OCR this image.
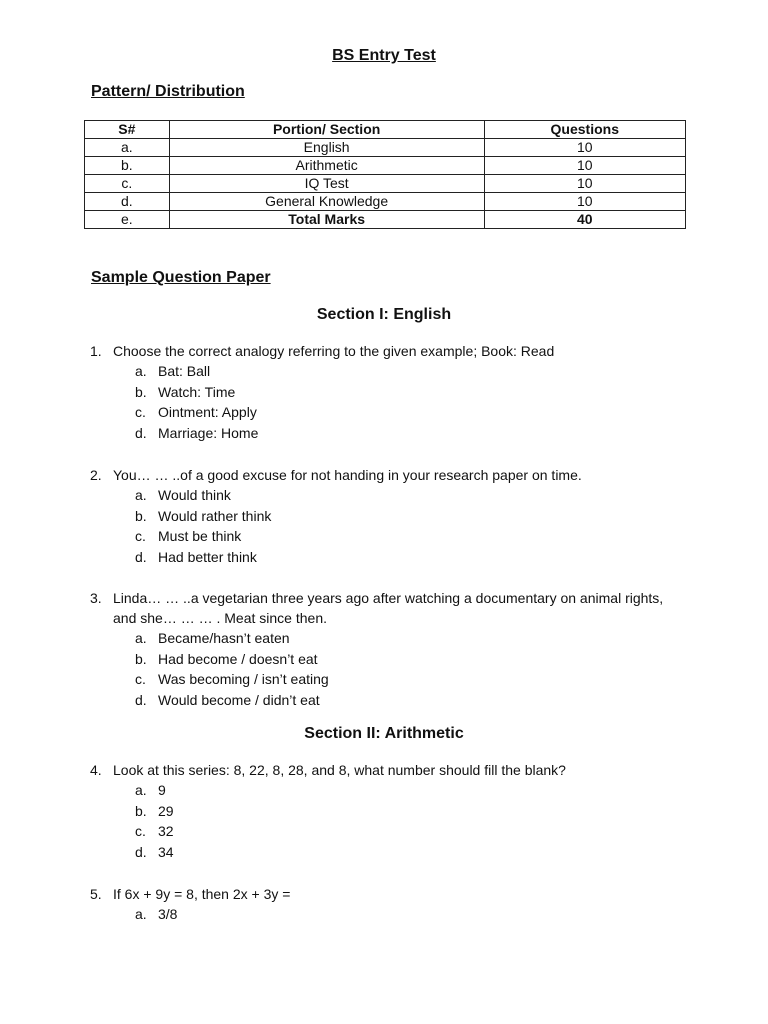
BS Entry Test
Pattern/ Distribution
S#	Portion/ Section	Questions
a.	English	10
b.	Arithmetic	10
c.	IQ Test	10
d.	General Knowledge	10
e.	Total Marks	40
Sample Question Paper
Section I: English
1. Choose the correct analogy referring to the given example; Book: Read
a. Bat: Ball
b. Watch: Time
c. Ointment: Apply
d. Marriage: Home
2. You… … ..of a good excuse for not handing in your research paper on time.
a. Would think
b. Would rather think
c. Must be think
d. Had better think
3. Linda… … ..a vegetarian three years ago after watching a documentary on animal rights, and she… … … . Meat since then.
a. Became/hasn’t eaten
b. Had become / doesn’t eat
c. Was becoming / isn’t eating
d. Would become / didn’t eat
Section II: Arithmetic
4. Look at this series: 8, 22, 8, 28, and 8, what number should fill the blank?
a. 9
b. 29
c. 32
d. 34
5. If 6x + 9y = 8, then 2x + 3y =
a. 3/8
